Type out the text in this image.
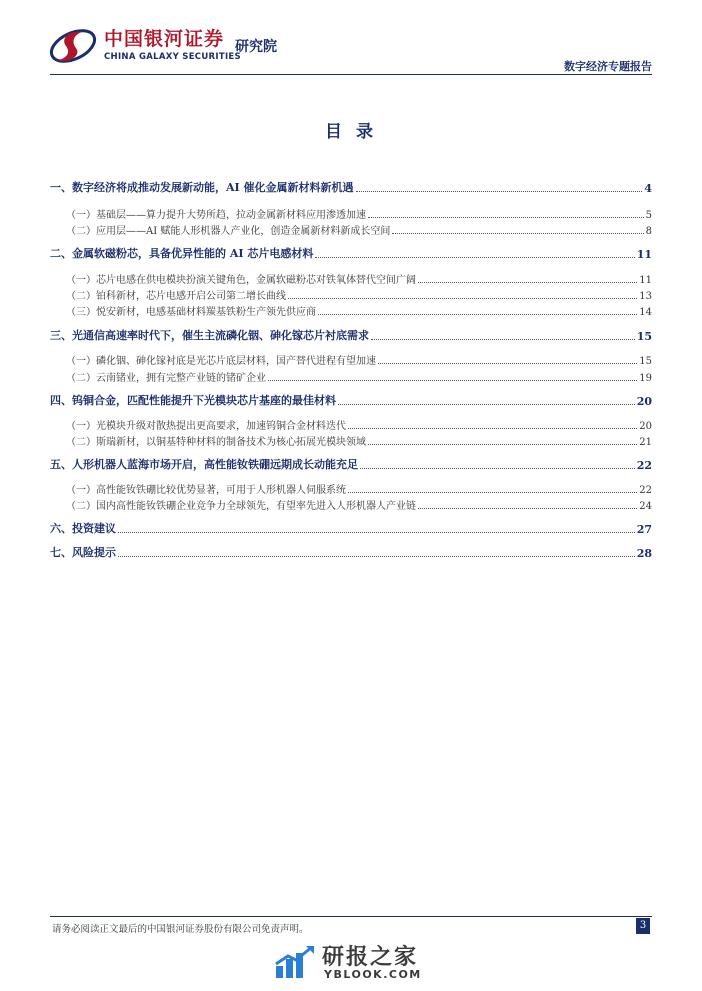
中国银河证券
CHINA GALAXY SECURITIES
研究院
数字经济专题报告
目 录
一、数字经济将成推动发展新动能，AI 催化金属新材料新机遇	4
（一）基础层——算力提升大势所趋，拉动金属新材料应用渗透加速	5
（二）应用层——AI 赋能人形机器人产业化，创造金属新材料新成长空间	8
二、金属软磁粉芯，具备优异性能的 AI 芯片电感材料	11
（一）芯片电感在供电模块扮演关键角色，金属软磁粉芯对铁氧体替代空间广阔	11
（二）铂科新材，芯片电感开启公司第二增长曲线	13
（三）悦安新材，电感基础材料羰基铁粉生产领先供应商	14
三、光通信高速率时代下，催生主流磷化铟、砷化镓芯片衬底需求	15
（一）磷化铟、砷化镓衬底是光芯片底层材料，国产替代进程有望加速	15
（二）云南锗业，拥有完整产业链的锗矿企业	19
四、钨铜合金，匹配性能提升下光模块芯片基座的最佳材料	20
（一）光模块升级对散热提出更高要求，加速钨铜合金材料迭代	20
（二）斯瑞新材，以铜基特种材料的制备技术为核心拓展光模块领域	21
五、人形机器人蓝海市场开启，高性能钕铁硼远期成长动能充足	22
（一）高性能钕铁硼比较优势显著，可用于人形机器人伺服系统	22
（二）国内高性能钕铁硼企业竞争力全球领先，有望率先进入人形机器人产业链	24
六、投资建议	27
七、风险提示	28
请务必阅读正文最后的中国银河证券股份有限公司免责声明。	3
研报之家
YBLOOK.COM
